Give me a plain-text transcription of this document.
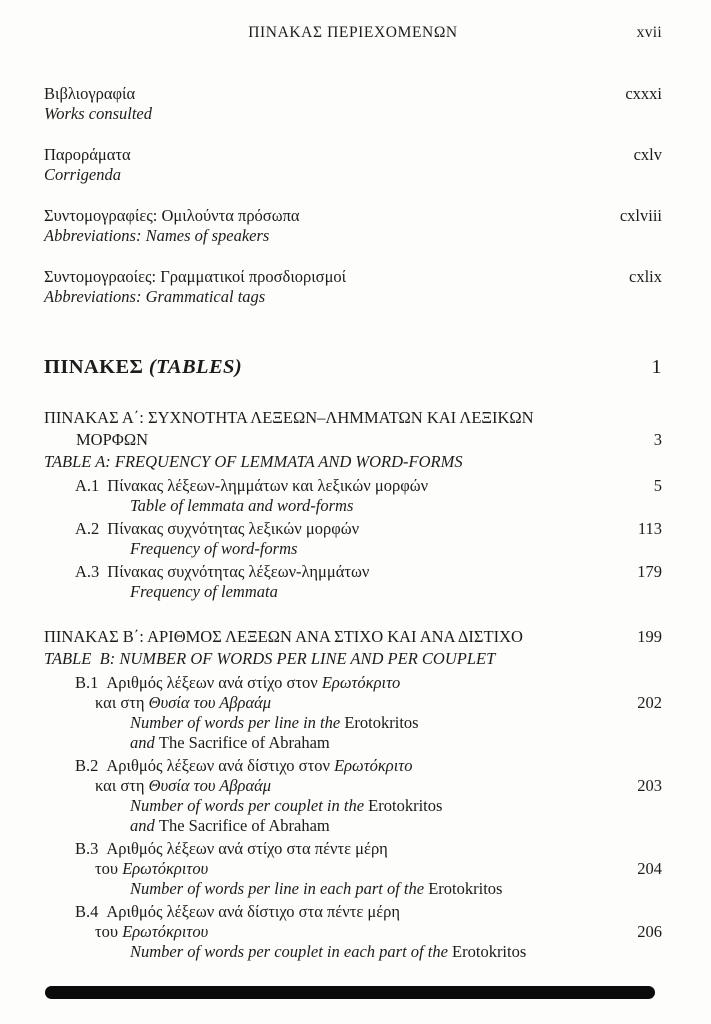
ΠΙΝΑΚΑΣ ΠΕΡΙΕΧΟΜΕΝΩΝ	xvii
Βιβλιογραφία	cxxxi
Works consulted
Παροράματα	cxlv
Corrigenda
Συντομογραφίες: Ομιλούντα πρόσωπα	cxlviii
Abbreviations: Names of speakers
Συντομογραοίες: Γραμματικοί προσδιορισμοί	cxlix
Abbreviations: Grammatical tags
ΠΙΝΑΚΕΣ (TABLES)	1
ΠΙΝΑΚΑΣ Α΄: ΣΥΧΝΟΤΗΤΑ ΛΕΞΕΩΝ–ΛΗΜΜΑΤΩΝ ΚΑΙ ΛΕΞΙΚΩΝ
ΜΟΡΦΩΝ	3
TABLE A: FREQUENCY OF LEMMATA AND WORD-FORMS
A.1 Πίνακας λέξεων-λημμάτων και λεξικών μορφών	5
Table of lemmata and word-forms
A.2 Πίνακας συχνότητας λεξικών μορφών	113
Frequency of word-forms
A.3 Πίνακας συχνότητας λέξεων-λημμάτων	179
Frequency of lemmata
ΠΙΝΑΚΑΣ Β΄: ΑΡΙΘΜΟΣ ΛΕΞΕΩΝ ΑΝΑ ΣΤΙΧΟ ΚΑΙ ΑΝΑ ΔΙΣΤΙΧΟ	199
TABLE  B: NUMBER OF WORDS PER LINE AND PER COUPLET
B.1 Αριθμός λέξεων ανά στίχο στον Ερωτόκριτο
και στη Θυσία του Αβραάμ	202
Number of words per line in the Erotokritos
and The Sacrifice of Abraham
B.2 Αριθμός λέξεων ανά δίστιχο στον Ερωτόκριτο
και στη Θυσία του Αβραάμ	203
Number of words per couplet in the Erotokritos
and The Sacrifice of Abraham
B.3 Αριθμός λέξεων ανά στίχο στα πέντε μέρη
του Ερωτόκριτου	204
Number of words per line in each part of the Erotokritos
B.4 Αριθμός λέξεων ανά δίστιχο στα πέντε μέρη
του Ερωτόκριτου	206
Number of words per couplet in each part of the Erotokritos
